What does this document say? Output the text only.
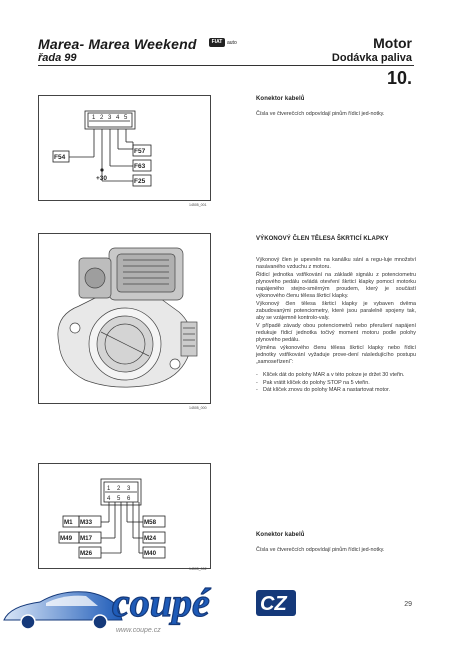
Marea- Marea Weekend	FIAT auto
řada 99
Motor
Dodávka paliva
10.
1 2 3 4 5
F54
F57
F63
F25
+30
14505_001
Konektor kabelů
Čísla ve čtverečcích odpovídají pinům řídicí jed-notky.
14505_000
VÝKONOVÝ ČLEN TĚLESA ŠKRTICÍ KLAPKY
Výkonový člen je upevněn na kanálku sání a regu-luje množství nasávaného vzduchu z motoru.
Řídicí jednotka vstřikování na základě signálu z potenciometru plynového pedálu ovládá otevření škrticí klapky pomocí motorku napájeného stejno-směrným proudem, který je součástí výkonového členu tělesa škrticí klapky.
Výkonový člen tělesa škrticí klapky je vybaven dvěma zabudovanými potenciometry, které jsou paralelně spojeny tak, aby se vzájemně kontrolo-valy.
V případě závady obou potenciometrů nebo přerušení napájení redukuje řídicí jednotka točivý moment motoru podle polohy plynového pedálu.
Výměna výkonového členu tělesa škrticí klapky nebo řídicí jednotky vstřikování vyžaduje prove-dení následujícího postupu „samoseřízení“:
- Klíček dát do polohy MAR a v této poloze je držet 30 vteřin.
- Pak vrátit klíček do polohy STOP na 5 vteřin.
- Dát klíček znovu do polohy MAR a nastartovat motor.
1 2 3
4 5 6
M1 M33
M49 M17
M26
M58
M24
M40
14505_002
Konektor kabelů
Čísla ve čtverečcích odpovídají pinům řídicí jed-notky.
29
coupé	CZ
www.coupe.cz
